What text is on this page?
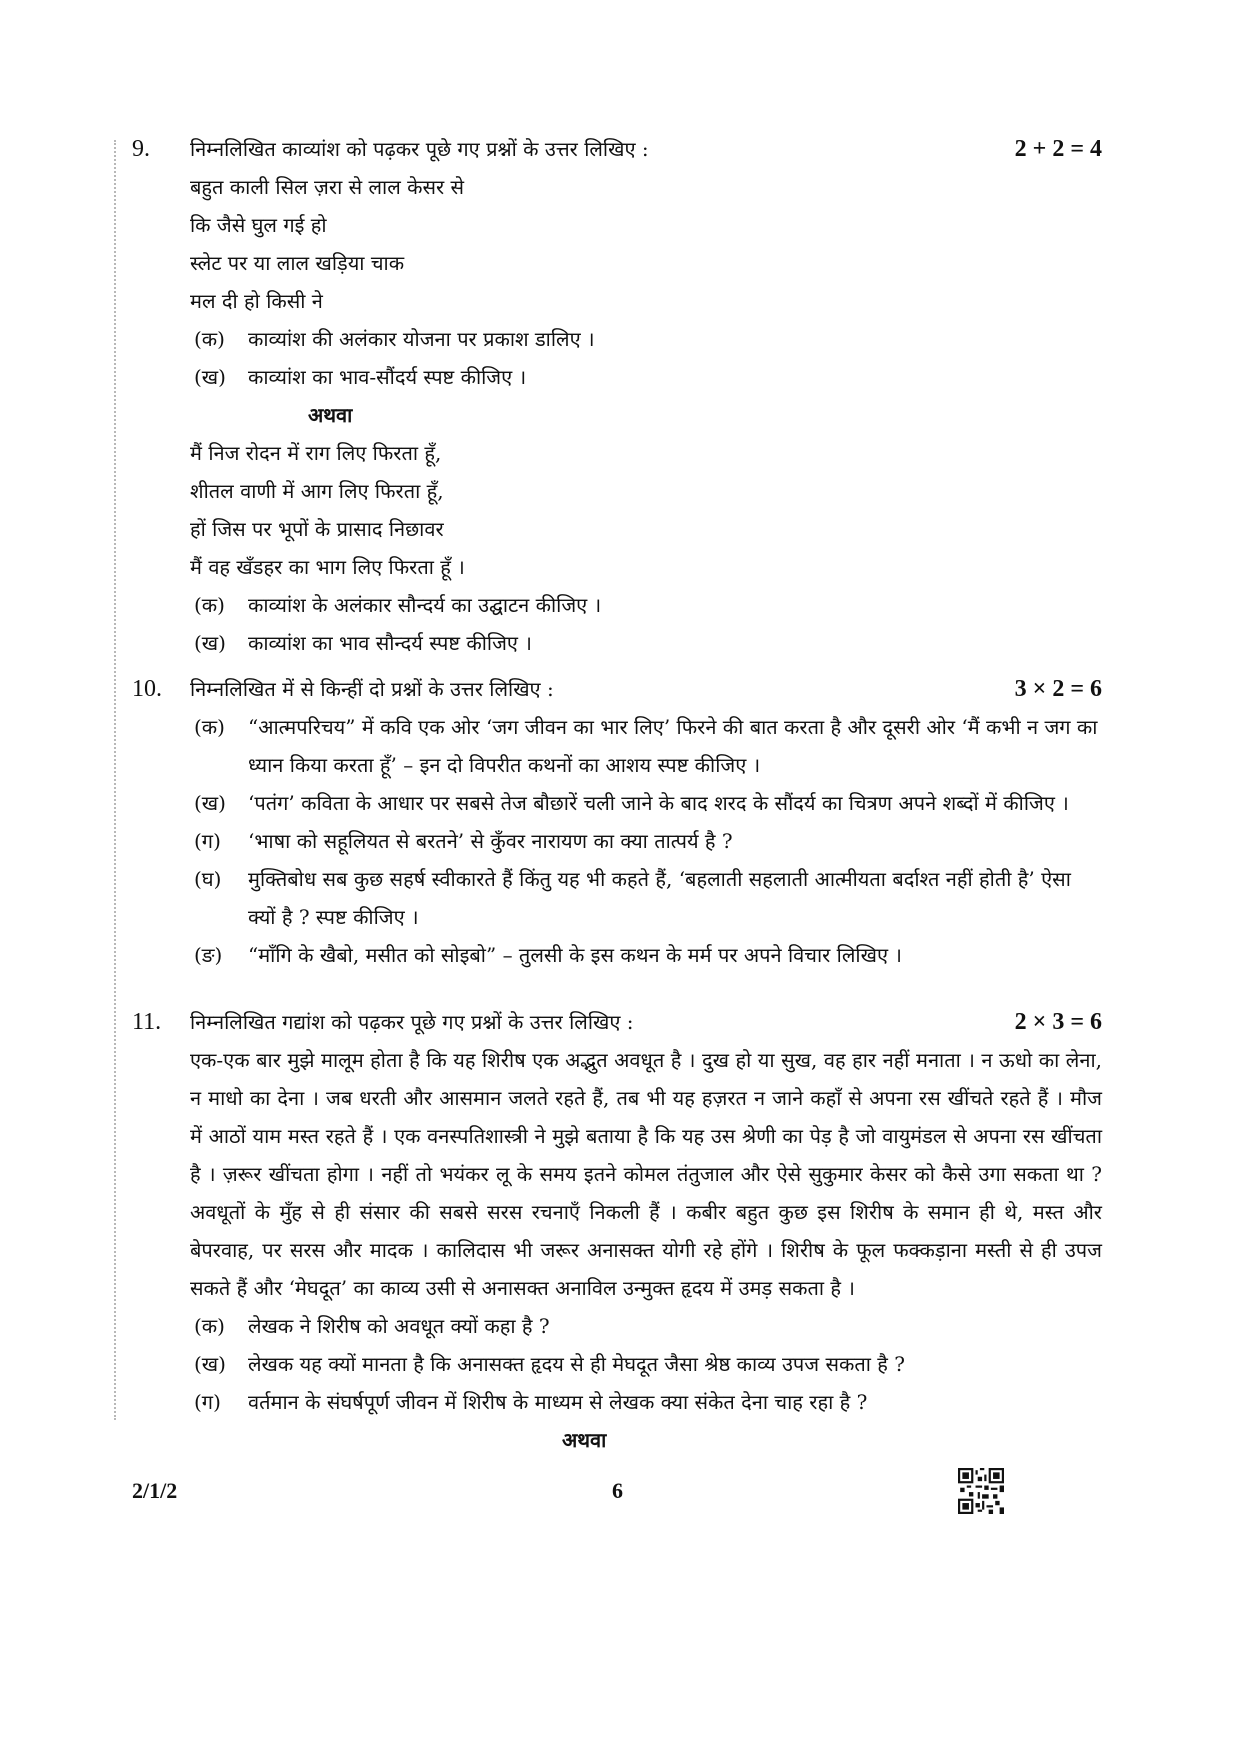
9. निम्नलिखित काव्यांश को पढ़कर पूछे गए प्रश्नों के उत्तर लिखिए :	2 + 2 = 4
बहुत काली सिल ज़रा से लाल केसर से
कि जैसे घुल गई हो
स्लेट पर या लाल खड़िया चाक
मल दी हो किसी ने
(क) काव्यांश की अलंकार योजना पर प्रकाश डालिए ।
(ख) काव्यांश का भाव-सौंदर्य स्पष्ट कीजिए ।
अथवा
मैं निज रोदन में राग लिए फिरता हूँ,
शीतल वाणी में आग लिए फिरता हूँ,
हों जिस पर भूपों के प्रासाद निछावर
मैं वह खँडहर का भाग लिए फिरता हूँ ।
(क) काव्यांश के अलंकार सौन्दर्य का उद्घाटन कीजिए ।
(ख) काव्यांश का भाव सौन्दर्य स्पष्ट कीजिए ।
10. निम्नलिखित में से किन्हीं दो प्रश्नों के उत्तर लिखिए :	3 × 2 = 6
(क) “आत्मपरिचय” में कवि एक ओर ‘जग जीवन का भार लिए’ फिरने की बात करता है और दूसरी ओर ‘मैं कभी न जग का ध्यान किया करता हूँ’ – इन दो विपरीत कथनों का आशय स्पष्ट कीजिए ।
(ख) ‘पतंग’ कविता के आधार पर सबसे तेज बौछारें चली जाने के बाद शरद के सौंदर्य का चित्रण अपने शब्दों में कीजिए ।
(ग) ‘भाषा को सहूलियत से बरतने’ से कुँवर नारायण का क्या तात्पर्य है ?
(घ) मुक्तिबोध सब कुछ सहर्ष स्वीकारते हैं किंतु यह भी कहते हैं, ‘बहलाती सहलाती आत्मीयता बर्दाश्त नहीं होती है’ ऐसा क्यों है ? स्पष्ट कीजिए ।
(ङ) “माँगि के खैबो, मसीत को सोइबो” – तुलसी के इस कथन के मर्म पर अपने विचार लिखिए ।
11. निम्नलिखित गद्यांश को पढ़कर पूछे गए प्रश्नों के उत्तर लिखिए :	2 × 3 = 6
एक-एक बार मुझे मालूम होता है कि यह शिरीष एक अद्भुत अवधूत है । दुख हो या सुख, वह हार नहीं मनाता । न ऊधो का लेना, न माधो का देना । जब धरती और आसमान जलते रहते हैं, तब भी यह हज़रत न जाने कहाँ से अपना रस खींचते रहते हैं । मौज में आठों याम मस्त रहते हैं । एक वनस्पतिशास्त्री ने मुझे बताया है कि यह उस श्रेणी का पेड़ है जो वायुमंडल से अपना रस खींचता है । ज़रूर खींचता होगा । नहीं तो भयंकर लू के समय इतने कोमल तंतुजाल और ऐसे सुकुमार केसर को कैसे उगा सकता था ? अवधूतों के मुँह से ही संसार की सबसे सरस रचनाएँ निकली हैं । कबीर बहुत कुछ इस शिरीष के समान ही थे, मस्त और बेपरवाह, पर सरस और मादक । कालिदास भी जरूर अनासक्त योगी रहे होंगे । शिरीष के फूल फक्कड़ाना मस्ती से ही उपज सकते हैं और ‘मेघदूत’ का काव्य उसी से अनासक्त अनाविल उन्मुक्त हृदय में उमड़ सकता है ।
(क) लेखक ने शिरीष को अवधूत क्यों कहा है ?
(ख) लेखक यह क्यों मानता है कि अनासक्त हृदय से ही मेघदूत जैसा श्रेष्ठ काव्य उपज सकता है ?
(ग) वर्तमान के संघर्षपूर्ण जीवन में शिरीष के माध्यम से लेखक क्या संकेत देना चाह रहा है ?
अथवा
2/1/2	6
